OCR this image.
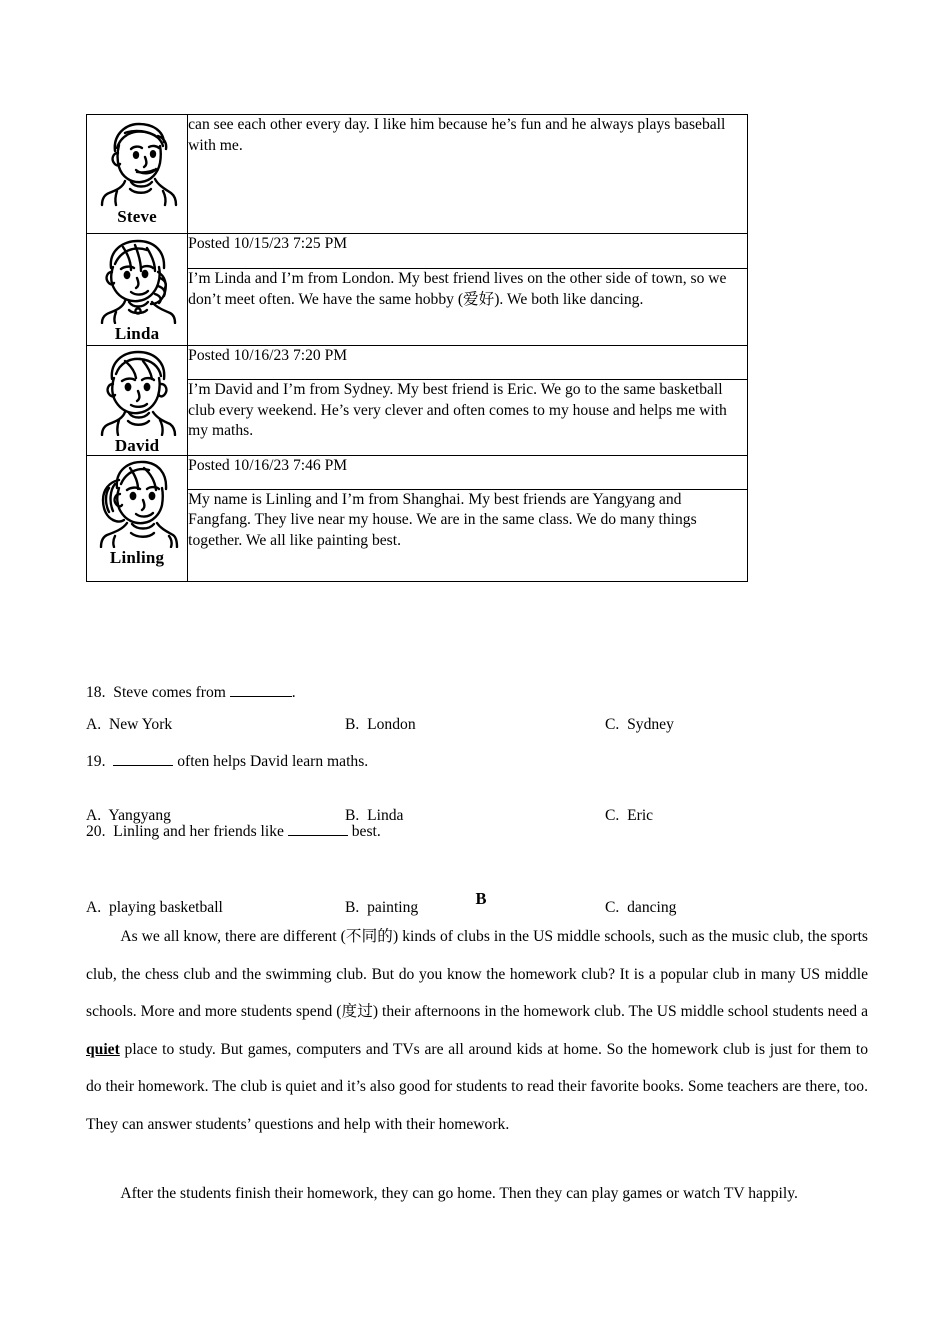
Steve

can see each other every day. I like him because he’s fun and he always plays baseball with me.

Linda

Posted 10/15/23 7:25 PM

I’m Linda and I’m from London. My best friend lives on the other side of town, so we don’t meet often. We have the same hobby (爱好). We both like dancing.

David

Posted 10/16/23 7:20 PM

I’m David and I’m from Sydney. My best friend is Eric. We go to the same basketball club every weekend. He’s very clever and often comes to my house and helps me with my maths.

Linling

Posted 10/16/23 7:46 PM

My name is Linling and I’m from Shanghai. My best friends are Yangyang and Fangfang. They live near my house. We are in the same class. We do many things together. We all like painting best.

18. Steve comes from	.

A. New York	B. London	C. Sydney

19.	often helps David learn maths.

A. Yangyang	B. Linda	C. Eric

20. Linling and her friends like	best.

A. playing basketball	B. painting	C. dancing
B

As we all know, there are different (不同的) kinds of clubs in the US middle schools, such as the music club, the sports club, the chess club and the swimming club. But do you know the homework club? It is a popular club in many US middle schools. More and more students spend (度过) their afternoons in the homework club. The US middle school students need a quiet place to study. But games, computers and TVs are all around kids at home. So the homework club is just for them to do their homework. The club is quiet and it’s also good for students to read their favorite books. Some teachers are there, too. They can answer students’ questions and help with their homework.

After the students finish their homework, they can go home. Then they can play games or watch TV happily.
